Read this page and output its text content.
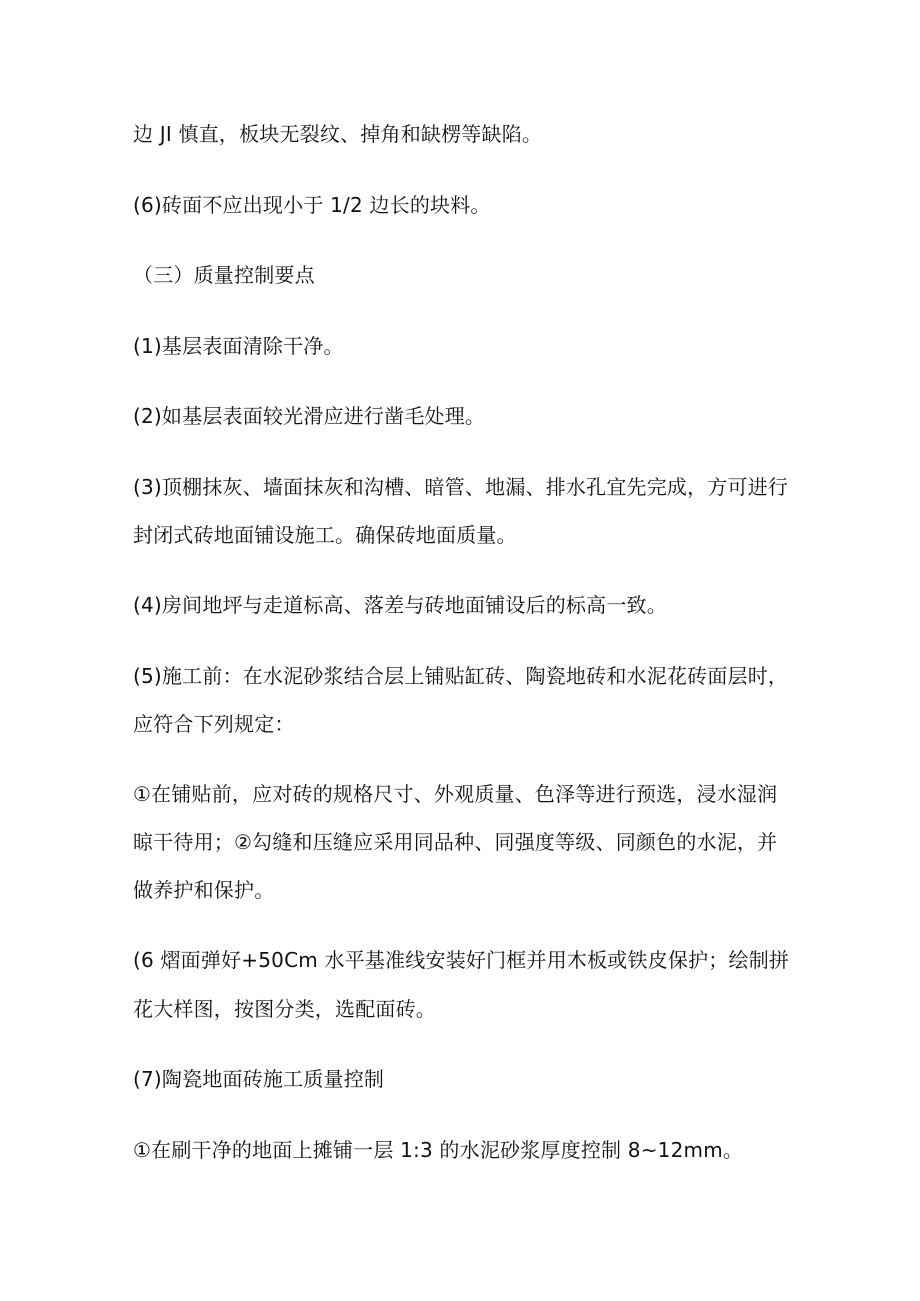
边 JI 慎直，板块无裂纹、掉角和缺楞等缺陷。
(6)砖面不应出现小于 1/2 边长的块料。
（三）质量控制要点
(1)基层表面清除干净。
(2)如基层表面较光滑应进行凿毛处理。
(3)顶棚抹灰、墙面抹灰和沟槽、暗管、地漏、排水孔宜先完成，方可进行
封闭式砖地面铺设施工。确保砖地面质量。
(4)房间地坪与走道标高、落差与砖地面铺设后的标高一致。
(5)施工前：在水泥砂浆结合层上铺贴缸砖、陶瓷地砖和水泥花砖面层时，
应符合下列规定：
①在铺贴前，应对砖的规格尺寸、外观质量、色泽等进行预选，浸水湿润
晾干待用；②勾缝和压缝应采用同品种、同强度等级、同颜色的水泥，并
做养护和保护。
(6 熠面弹好+50Cm 水平基准线安装好门框并用木板或铁皮保护；绘制拼
花大样图，按图分类，选配面砖。
(7)陶瓷地面砖施工质量控制
①在刷干净的地面上摊铺一层 1:3 的水泥砂浆厚度控制 8~12mm。
